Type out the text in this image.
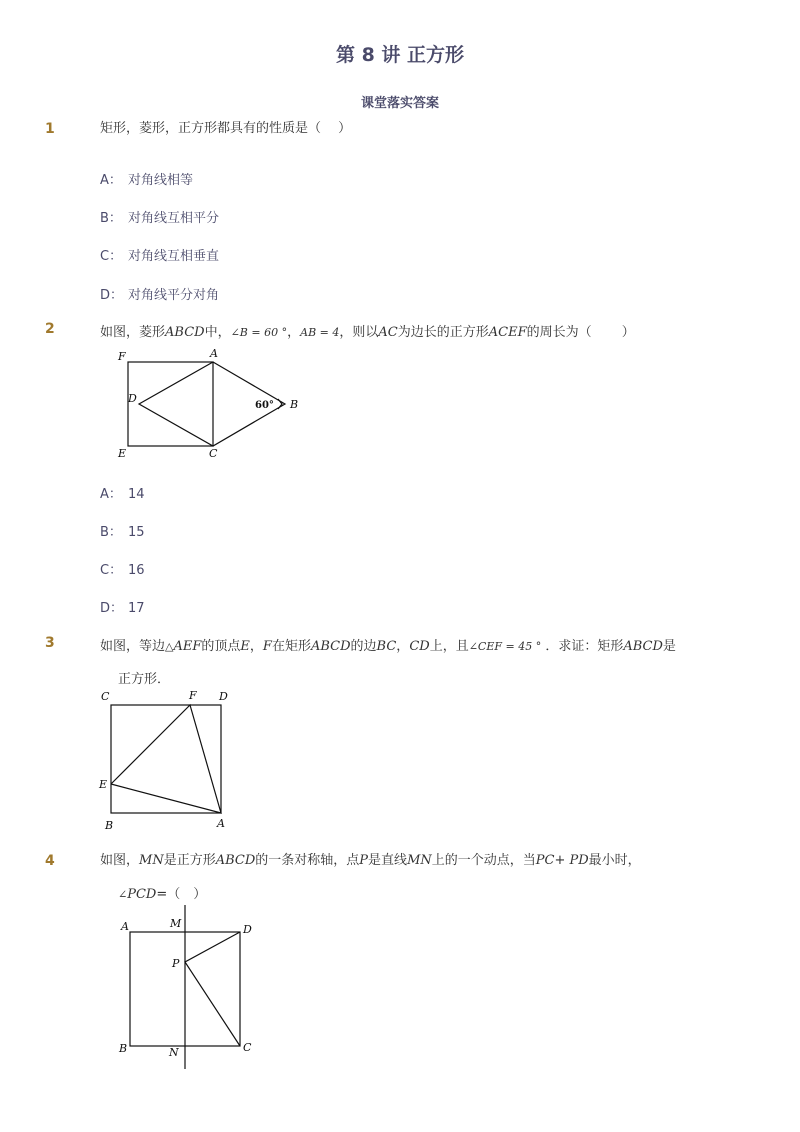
第 8 讲 正方形
课堂落实答案
1	矩形，菱形，正方形都具有的性质是（　 ）
A： 对角线相等
B： 对角线互相平分
C： 对角线互相垂直
D： 对角线平分对角
2	如图，菱形ABCD中，∠B = 60 °，AB = 4，则以AC为边长的正方形ACEF的周长为（　　 ）
F	A
D
60° B
E	C
A： 14
B： 15
C： 16
D： 17
3	如图，等边△AEF的顶点E，F在矩形ABCD的边BC，CD上，且∠CEF = 45 ° ．求证：矩形ABCD是
正方形．
C	F D
E
B	A
4	如图，MN是正方形ABCD的一条对称轴，点P是直线MN上的一个动点，当PC+ PD最小时，
∠PCD=（　）
A	M	D
P
B	N	C
